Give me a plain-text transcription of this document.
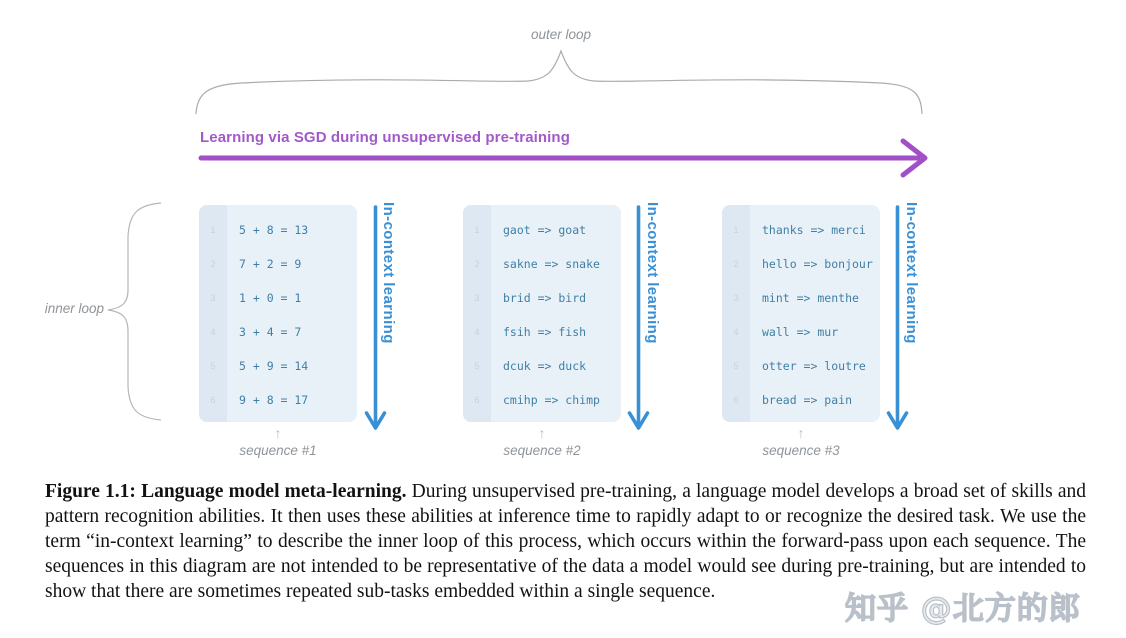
outer loop
Learning via SGD during unsupervised pre-training
inner loop
1
2
3
4
5
6
5 + 8 = 13
7 + 2 = 9
1 + 0 = 1
3 + 4 = 7
5 + 9 = 14
9 + 8 = 17
In-context learning
↑
sequence #1
1
2
3
4
5
6
gaot => goat
sakne => snake
brid => bird
fsih => fish
dcuk => duck
cmihp => chimp
In-context learning
↑
sequence #2
1
2
3
4
5
6
thanks => merci
hello => bonjour
mint => menthe
wall => mur
otter => loutre
bread => pain
In-context learning
↑
sequence #3
Figure 1.1: Language model meta-learning. During unsupervised pre-training, a language model develops a broad set of skills and pattern recognition abilities. It then uses these abilities at inference time to rapidly adapt to or recognize the desired task. We use the term “in-context learning” to describe the inner loop of this process, which occurs within the forward-pass upon each sequence. The sequences in this diagram are not intended to be representative of the data a model would see during pre-training, but are intended to show that there are sometimes repeated sub-tasks embedded within a single sequence.	知乎 @北方的郎
